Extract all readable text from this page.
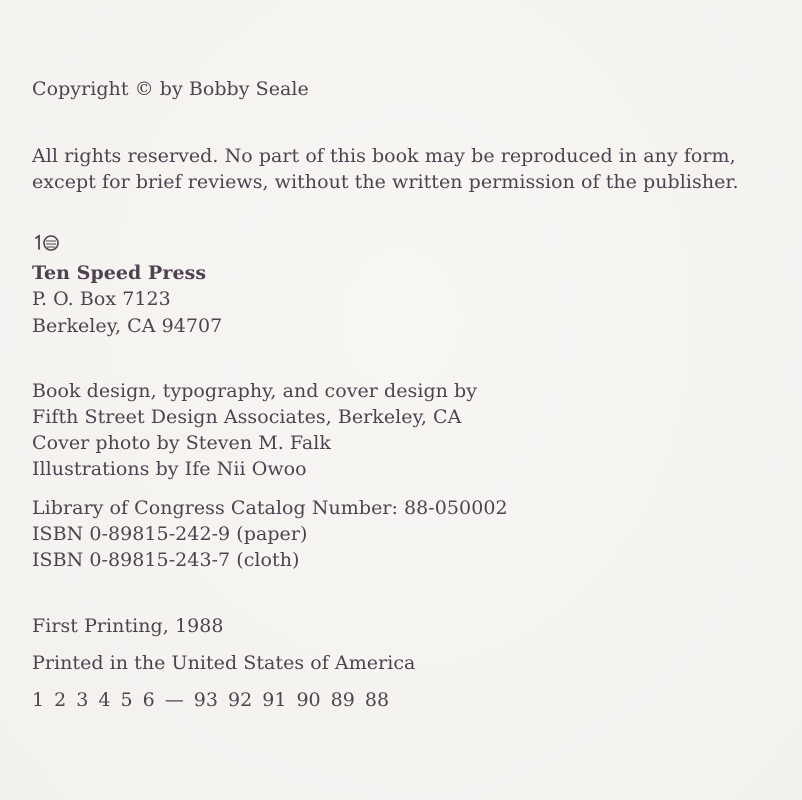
Copyright © by Bobby Seale
All rights reserved. No part of this book may be reproduced in any form,
except for brief reviews, without the written permission of the publisher.
Ten Speed Press
P. O. Box 7123
Berkeley, CA 94707
Book design, typography, and cover design by
Fifth Street Design Associates, Berkeley, CA
Cover photo by Steven M. Falk
Illustrations by Ife Nii Owoo
Library of Congress Catalog Number: 88-050002
ISBN 0-89815-242-9 (paper)
ISBN 0-89815-243-7 (cloth)
First Printing, 1988
Printed in the United States of America
1 2 3 4 5 6 — 93 92 91 90 89 88
